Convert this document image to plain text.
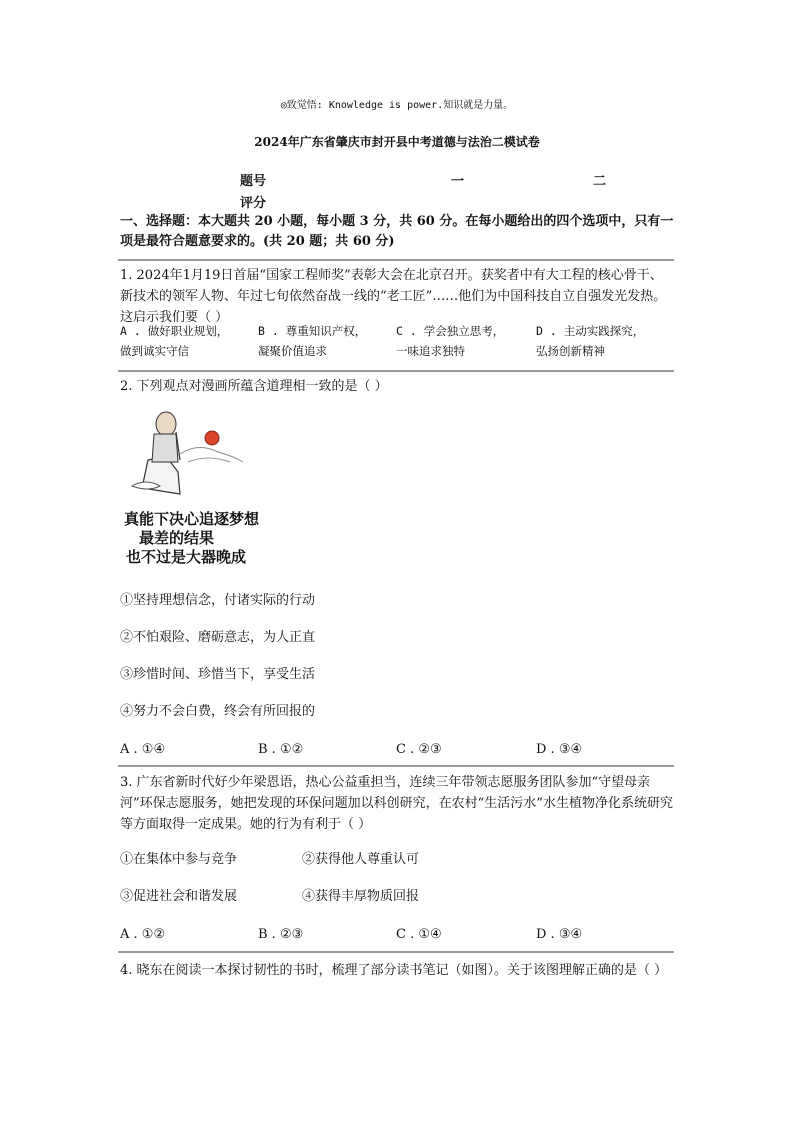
◎致觉悟: Knowledge is power.知识就是力量。
2024年广东省肇庆市封开县中考道德与法治二模试卷
题号	一	二
评分
一、选择题：本大题共 20 小题，每小题 3 分，共 60 分。在每小题给出的四个选项中，只有一项是最符合题意要求的。(共 20 题；共 60 分)
1. 2024年1月19日首届“国家工程师奖”表彰大会在北京召开。获奖者中有大工程的核心骨干、新技术的领军人物、年过七旬依然奋战一线的“老工匠”……他们为中国科技自立自强发光发热。这启示我们要（ ）
A . 做好职业规划，
做到诚实守信
B . 尊重知识产权，
凝聚价值追求
C . 学会独立思考，
一味追求独特
D . 主动实践探究，
弘扬创新精神
2. 下列观点对漫画所蕴含道理相一致的是（ ）
真能下决心追逐梦想
最差的结果
也不过是大器晚成
①坚持理想信念，付诸实际的行动
②不怕艰险、磨砺意志，为人正直
③珍惜时间、珍惜当下，享受生活
④努力不会白费，终会有所回报的
A . ①④	B . ①②	C . ②③	D . ③④
3. 广东省新时代好少年梁恩语，热心公益重担当，连续三年带领志愿服务团队参加“守望母亲河”环保志愿服务，她把发现的环保问题加以科创研究，在农村“生活污水”水生植物净化系统研究等方面取得一定成果。她的行为有利于（ ）
①在集体中参与竞争	②获得他人尊重认可
③促进社会和谐发展	④获得丰厚物质回报
A . ①②	B . ②③	C . ①④	D . ③④
4. 晓东在阅读一本探讨韧性的书时，梳理了部分读书笔记（如图）。关于该图理解正确的是（ ）
